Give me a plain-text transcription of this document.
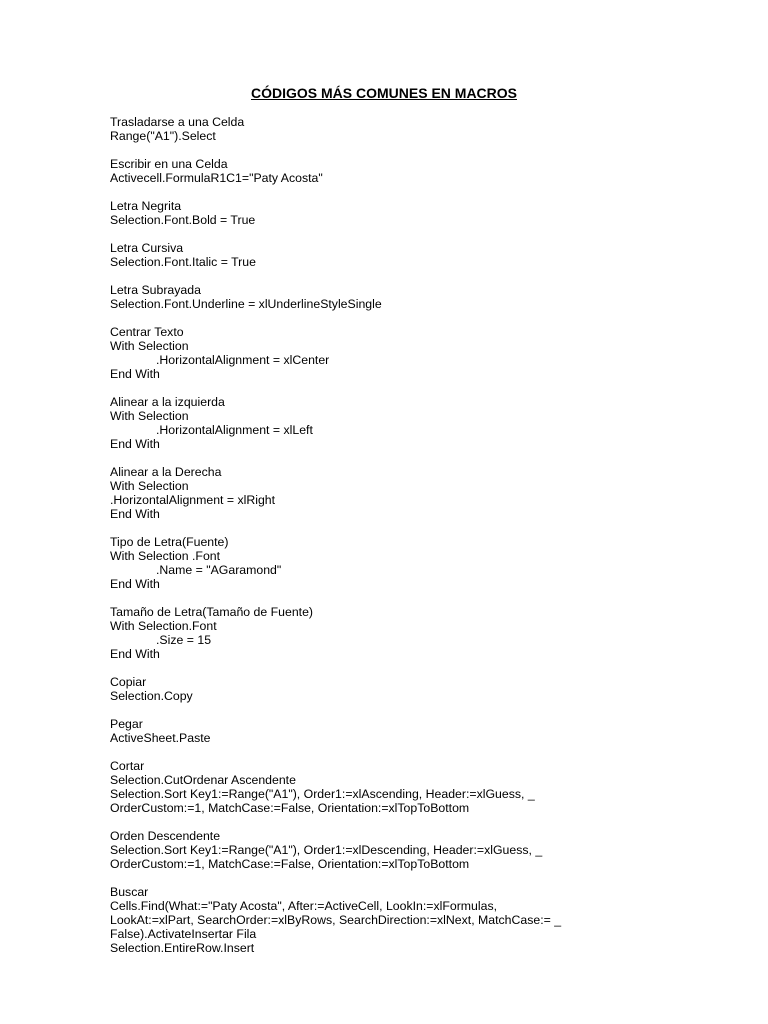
CÓDIGOS MÁS COMUNES EN MACROS
Trasladarse a una Celda
Range("A1").Select
Escribir en una Celda
Activecell.FormulaR1C1="Paty Acosta"
Letra Negrita
Selection.Font.Bold = True
Letra Cursiva
Selection.Font.Italic = True
Letra Subrayada
Selection.Font.Underline = xlUnderlineStyleSingle
Centrar Texto
With Selection
.HorizontalAlignment = xlCenter
End With
Alinear a la izquierda
With Selection
.HorizontalAlignment = xlLeft
End With
Alinear a la Derecha
With Selection
.HorizontalAlignment = xlRight
End With
Tipo de Letra(Fuente)
With Selection .Font
.Name = "AGaramond"
End With
Tamaño de Letra(Tamaño de Fuente)
With Selection.Font
.Size = 15
End With
Copiar
Selection.Copy
Pegar
ActiveSheet.Paste
Cortar
Selection.CutOrdenar Ascendente
Selection.Sort Key1:=Range("A1"), Order1:=xlAscending, Header:=xlGuess, _
OrderCustom:=1, MatchCase:=False, Orientation:=xlTopToBottom
Orden Descendente
Selection.Sort Key1:=Range("A1"), Order1:=xlDescending, Header:=xlGuess, _
OrderCustom:=1, MatchCase:=False, Orientation:=xlTopToBottom
Buscar
Cells.Find(What:="Paty Acosta", After:=ActiveCell, LookIn:=xlFormulas,
LookAt:=xlPart, SearchOrder:=xlByRows, SearchDirection:=xlNext, MatchCase:= _
False).ActivateInsertar Fila
Selection.EntireRow.Insert
